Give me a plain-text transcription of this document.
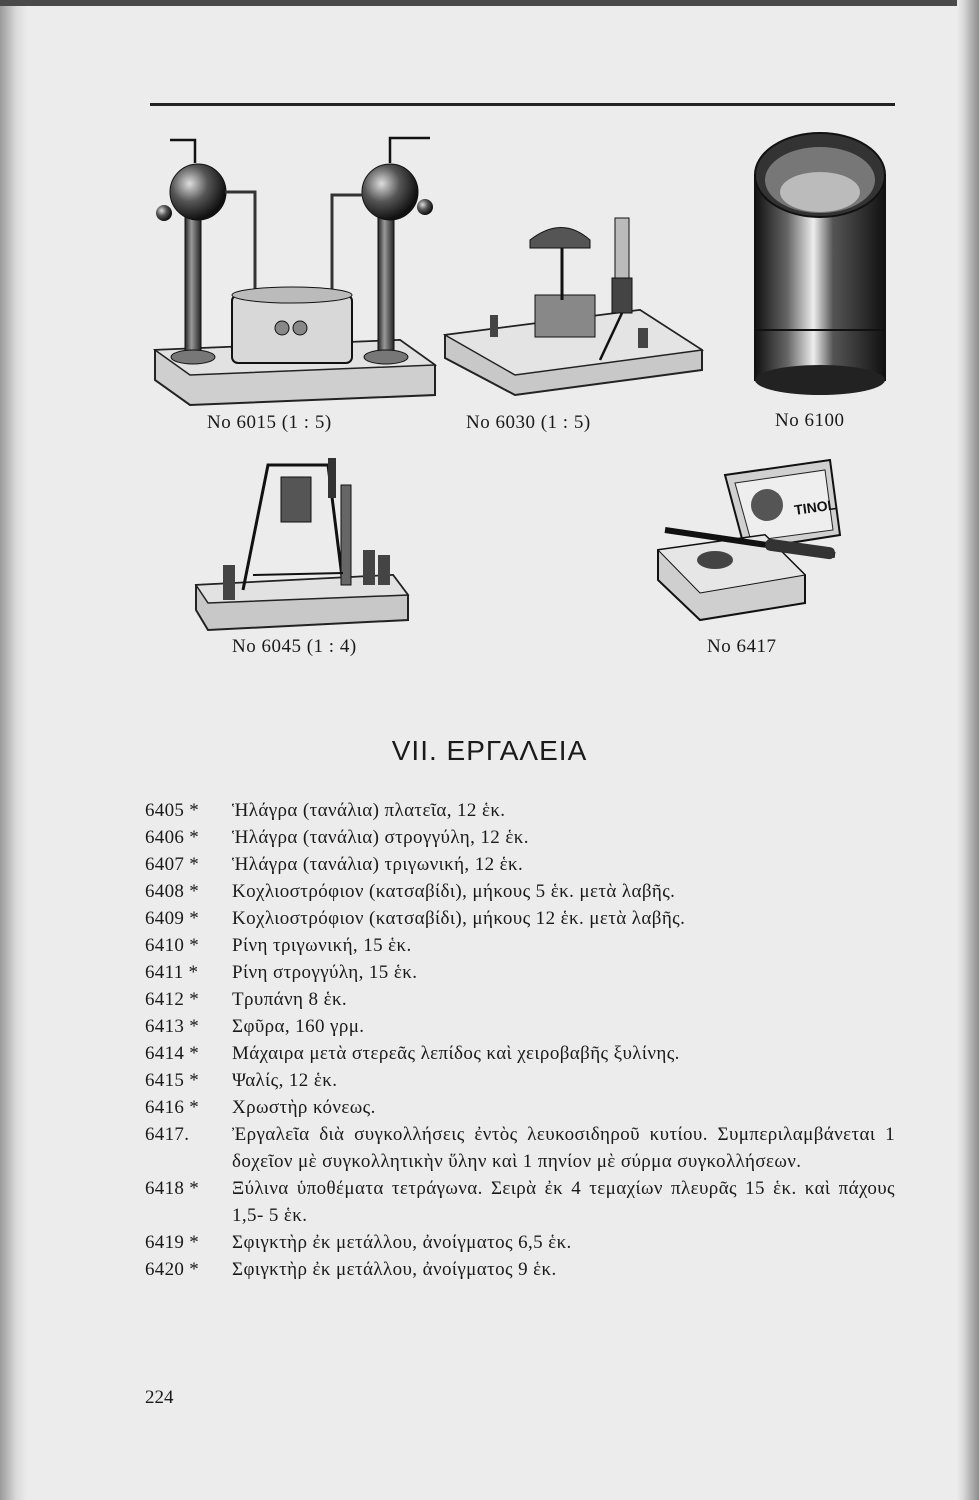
No 6015 (1 : 5)	No 6030 (1 : 5)	No 6100
No 6045 (1 : 4)
TINOL
No 6417
VII. ΕΡΓΑΛΕΙΑ
6405 *	Ἡλάγρα (τανάλια) πλατεῖα, 12 ἑκ.
6406 *	Ἡλάγρα (τανάλια) στρογγύλη, 12 ἑκ.
6407 *	Ἡλάγρα (τανάλια) τριγωνική, 12 ἑκ.
6408 *	Κοχλιοστρόφιον (κατσαβίδι), μήκους 5 ἑκ. μετὰ λαβῆς.
6409 *	Κοχλιοστρόφιον (κατσαβίδι), μήκους 12 ἑκ. μετὰ λαβῆς.
6410 *	Ρίνη τριγωνική, 15 ἑκ.
6411 *	Ρίνη στρογγύλη, 15 ἑκ.
6412 *	Τρυπάνη 8 ἑκ.
6413 *	Σφῦρα, 160 γρμ.
6414 *	Μάχαιρα μετὰ στερεᾶς λεπίδος καὶ χειροβαβῆς ξυλίνης.
6415 *	Ψαλίς, 12 ἑκ.
6416 *	Χρωστὴρ κόνεως.
6417.	Ἐργαλεῖα διὰ συγκολλήσεις ἐντὸς λευκοσιδηροῦ κυτίου. Συμπεριλαμβάνεται 1 δοχεῖον μὲ συγκολλητικὴν ὕλην καὶ 1 πηνίον μὲ σύρμα συγκολλήσεων.
6418 *	Ξύλινα ὑποθέματα τετράγωνα. Σειρὰ ἐκ 4 τεμαχίων πλευρᾶς 15 ἑκ. καὶ πάχους 1,5- 5 ἑκ.
6419 *	Σφιγκτὴρ ἐκ μετάλλου, ἀνοίγματος 6,5 ἑκ.
6420 *	Σφιγκτὴρ ἐκ μετάλλου, ἀνοίγματος 9 ἑκ.
224
